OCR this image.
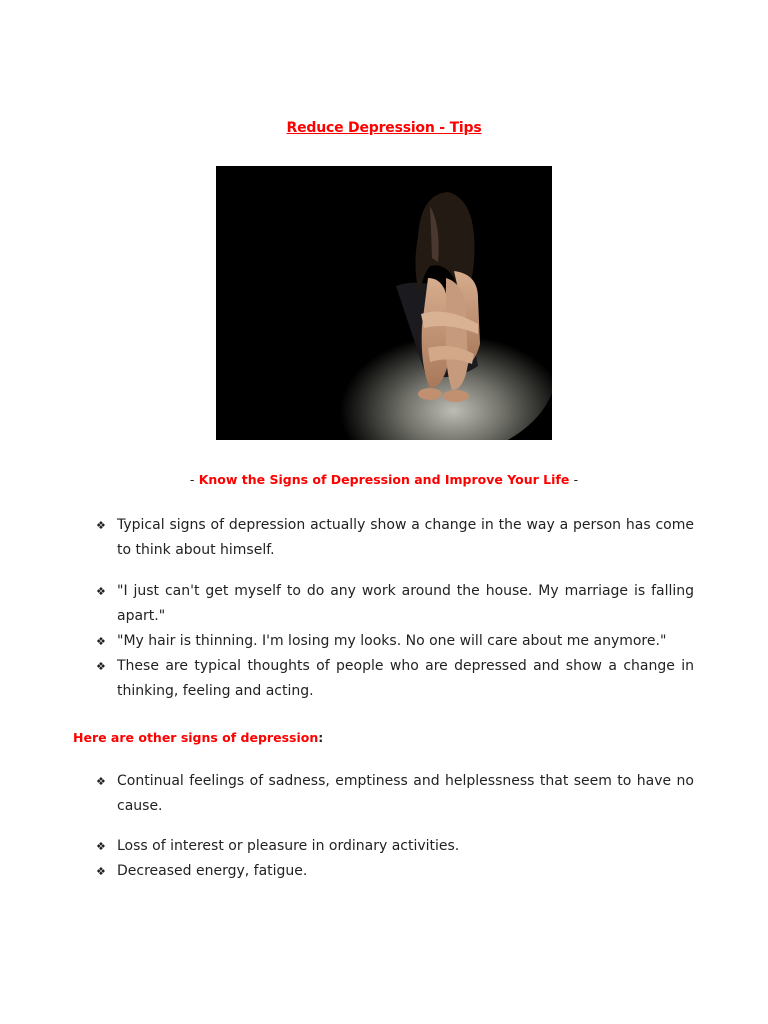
Reduce Depression - Tips
- Know the Signs of Depression and Improve Your Life -
❖ Typical signs of depression actually show a change in the way a person has come to think about himself.
❖ "I just can't get myself to do any work around the house. My marriage is falling apart."
❖ "My hair is thinning. I'm losing my looks. No one will care about me anymore."
❖ These are typical thoughts of people who are depressed and show a change in thinking, feeling and acting.
Here are other signs of depression:
❖ Continual feelings of sadness, emptiness and helplessness that seem to have no cause.
❖ Loss of interest or pleasure in ordinary activities.
❖ Decreased energy, fatigue.
